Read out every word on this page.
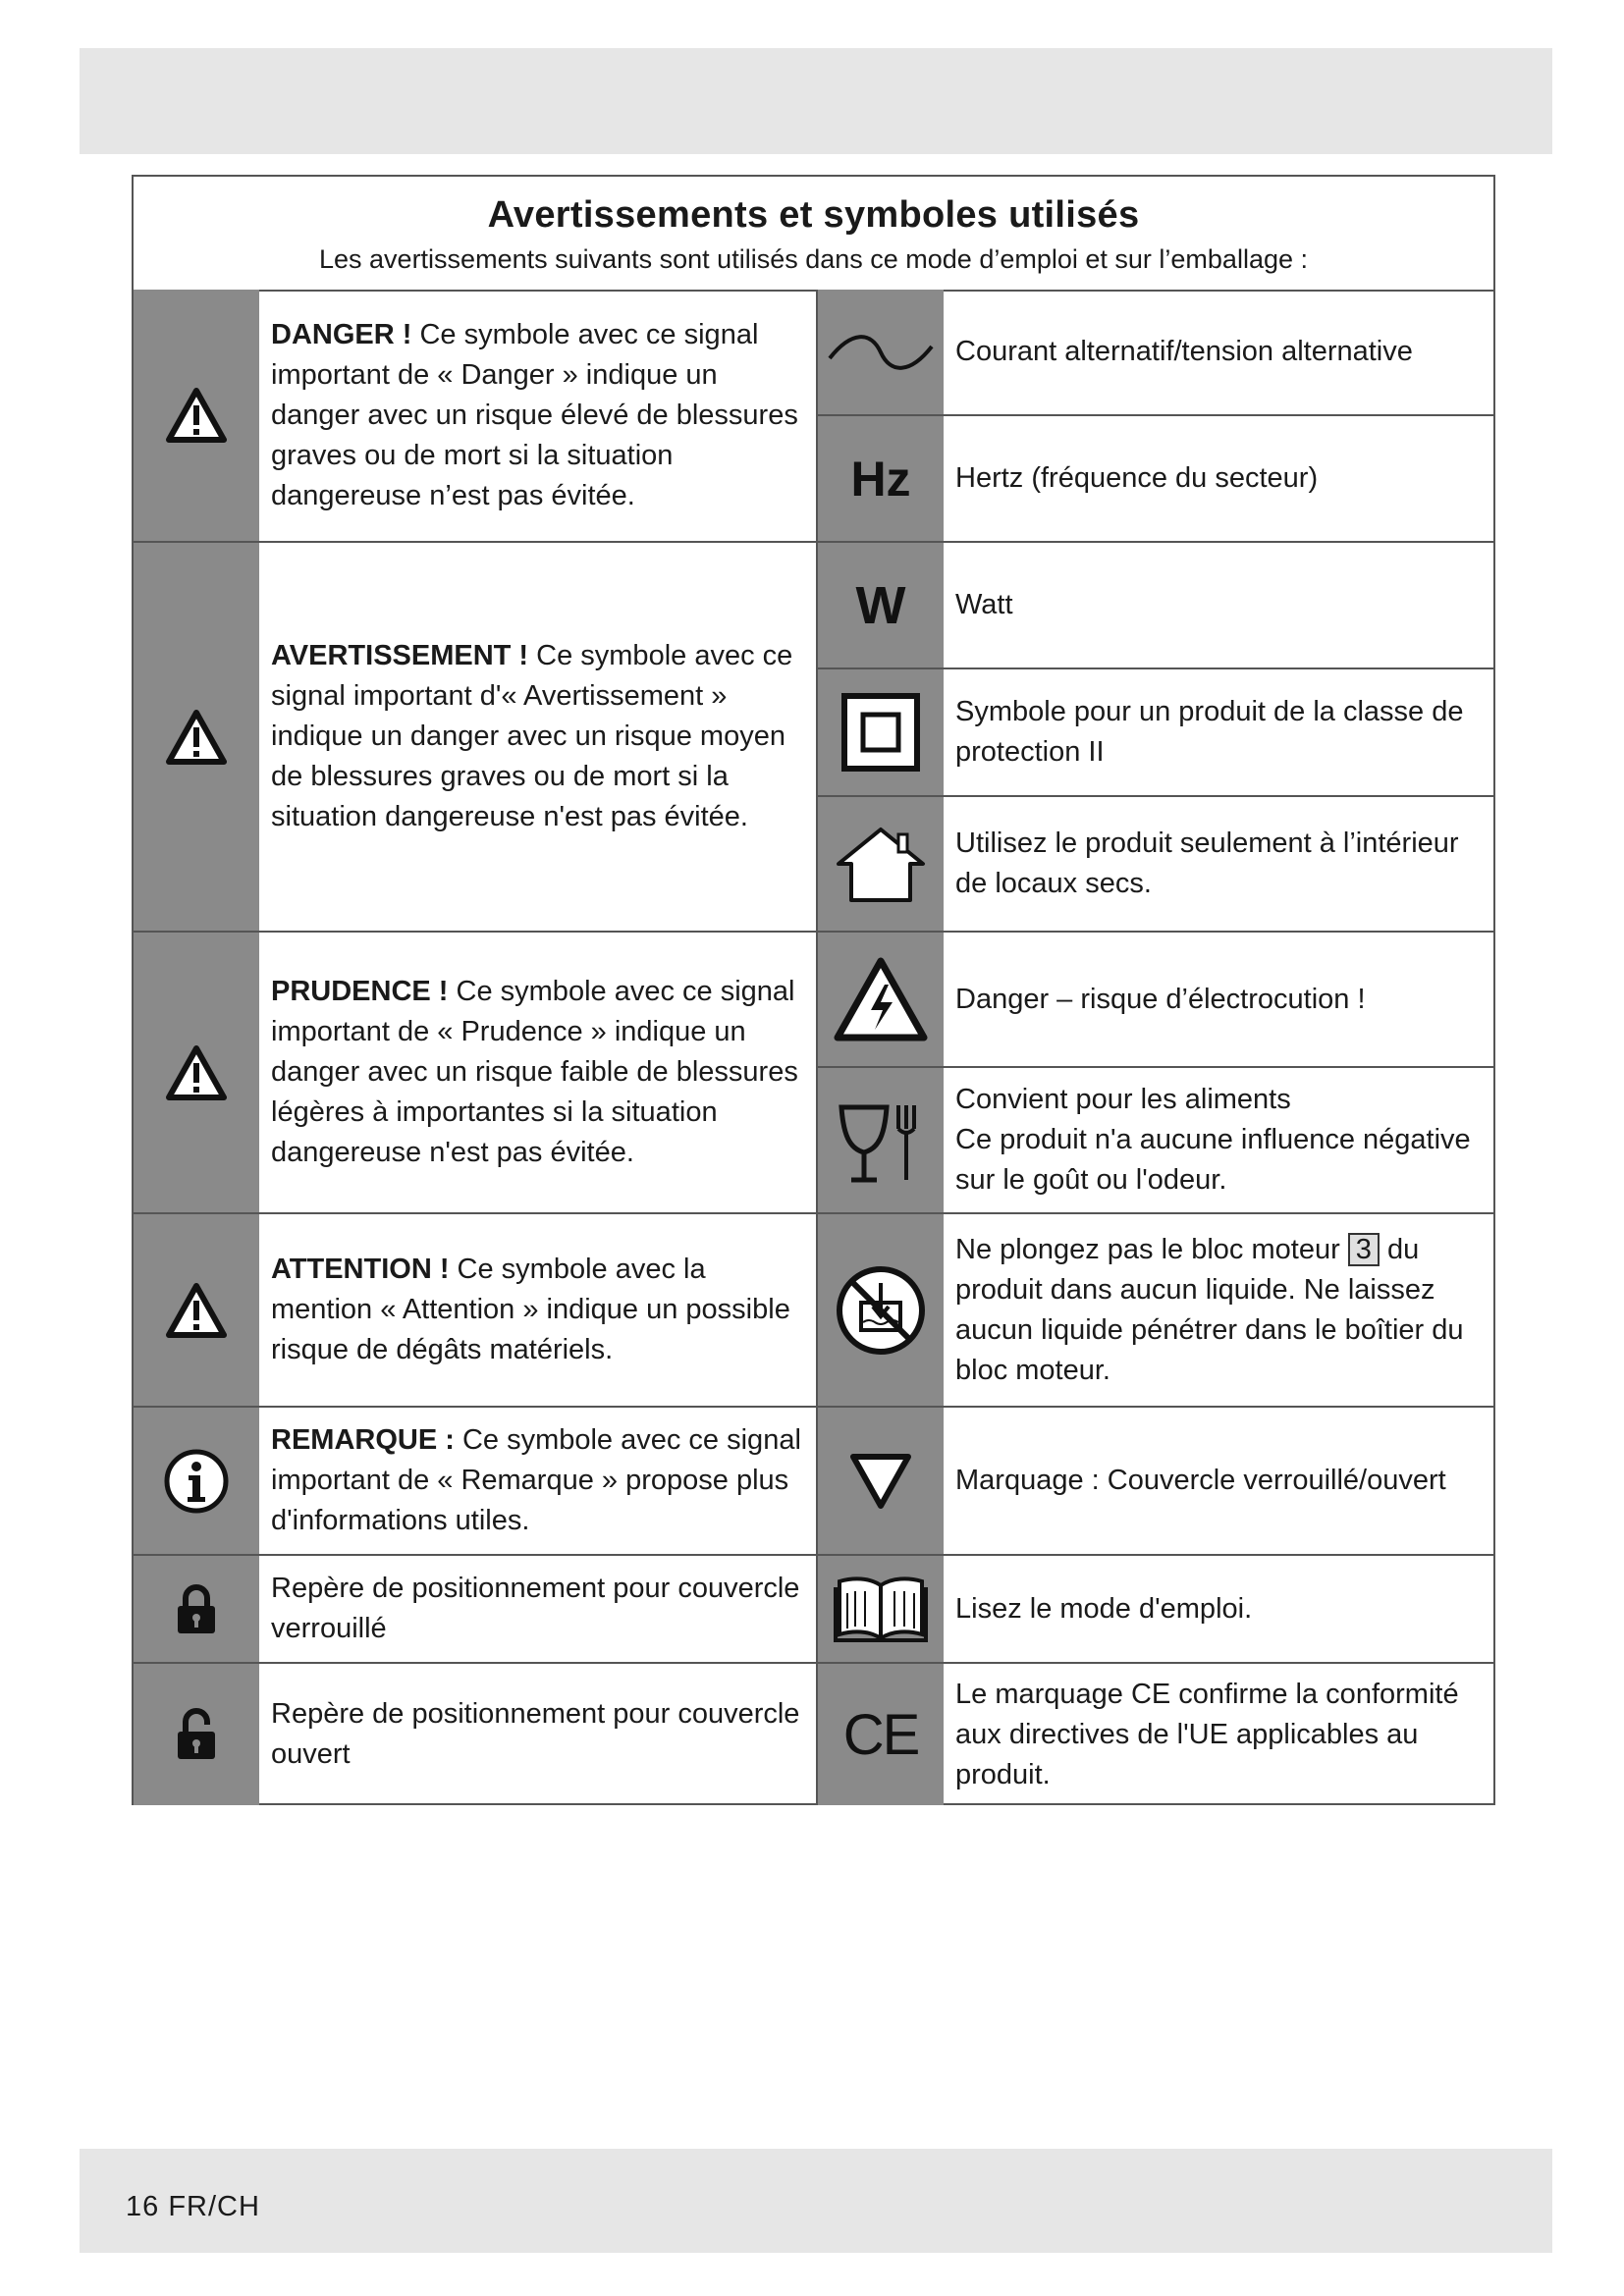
Avertissements et symboles utilisés
Les avertissements suivants sont utilisés dans ce mode d’emploi et sur l’emballage :
DANGER ! Ce symbole avec ce signal important de « Danger » indique un danger avec un risque élevé de blessures graves ou de mort si la situation dangereuse n’est pas évitée.
AVERTISSEMENT ! Ce symbole avec ce signal important d'« Avertissement » indique un danger avec un risque moyen de blessures graves ou de mort si la situation dangereuse n'est pas évitée.
PRUDENCE ! Ce symbole avec ce signal important de « Prudence » indique un danger avec un risque faible de blessures légères à importantes si la situation dangereuse n'est pas évitée.
ATTENTION ! Ce symbole avec la mention « Attention » indique un possible risque de dégâts matériels.
REMARQUE : Ce symbole avec ce signal important de « Remarque » propose plus d'informations utiles.
Repère de positionnement pour couvercle verrouillé
Repère de positionnement pour couvercle ouvert
Courant alternatif/tension alternative
Hz Hertz (fréquence du secteur)
W Watt
Symbole pour un produit de la classe de protection II
Utilisez le produit seulement à l’intérieur de locaux secs.
Danger – risque d’électrocution !
Convient pour les aliments
Ce produit n'a aucune influence négative sur le goût ou l'odeur.
Ne plongez pas le bloc moteur 3 du produit dans aucun liquide. Ne laissez aucun liquide pénétrer dans le boîtier du bloc moteur.
Marquage : Couvercle verrouillé/ouvert
Lisez le mode d'emploi.
CE
Le marquage CE confirme la conformité aux directives de l'UE applicables au produit.
16 FR/CH
